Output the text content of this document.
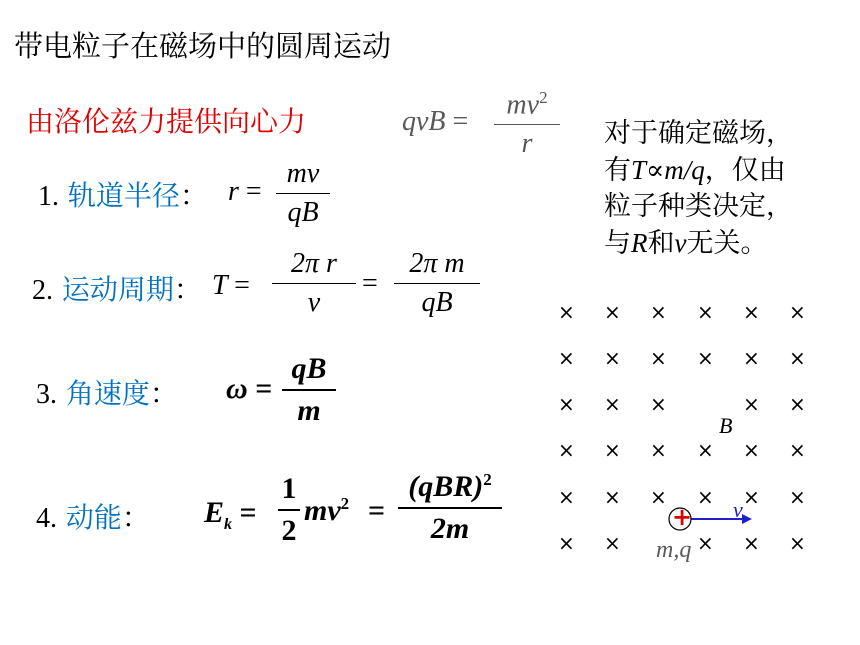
带电粒子在磁场中的圆周运动
由洛伦兹力提供向心力	qvB =
$mv^2$
r
1. 轨道半径： r =
mv
qB
2. 运动周期： T =
2π r
v
=
2π m
qB
3. 角速度： ω =
qB
m
4. 动能： $E_k$ =
1
2
$mv^2$ =
(qBR)$^2$
2m
对于确定磁场，
有T∝m/q，仅由
粒子种类决定，
与R和v无关。
× × × × × ×
× × × × × ×
× × ×	× ×
× × × × × ×
× × × × × ×
× ×	× × ×
B
+ v
m,q
